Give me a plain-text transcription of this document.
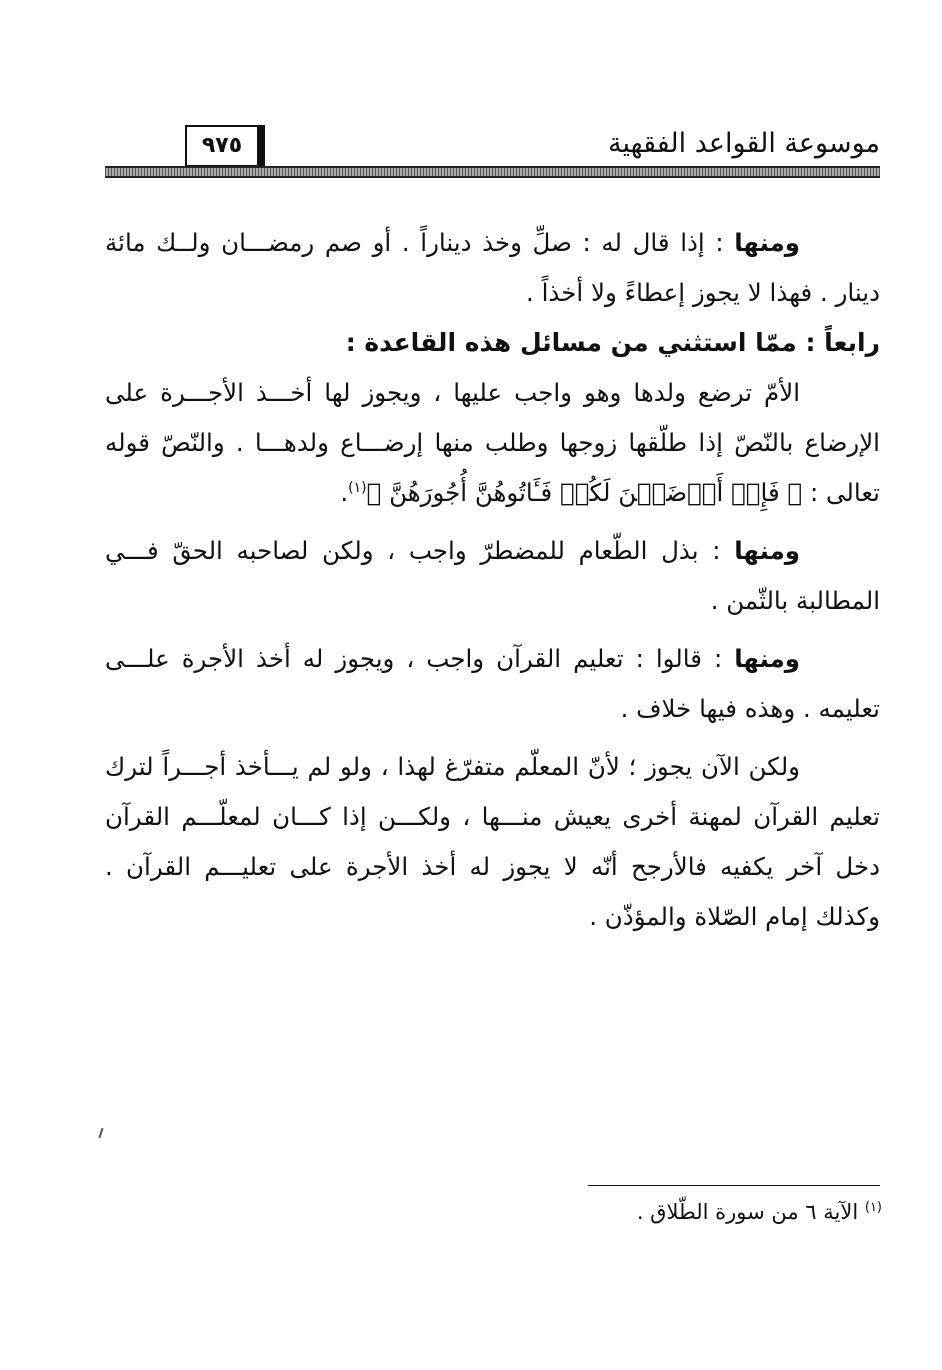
موسوعة القواعد الفقهية
٩٧٥

ومنها : إذا قال له : صلِّ وخذ ديناراً . أو صم رمضـــان ولــك مائة دينار . فهذا لا يجوز إعطاءً ولا أخذاً .

رابعاً : ممّا استثني من مسائل هذه القاعدة :

الأمّ ترضع ولدها وهو واجب عليها ، ويجوز لها أخـــذ الأجـــرة على الإرضاع بالنّصّ إذا طلّقها زوجها وطلب منها إرضـــاع ولدهـــا . والنّصّ قوله تعالى : ﴿ فَإِنۡ أَرۡضَعۡنَ لَكُمۡ فَـَٔاتُوهُنَّ أُجُورَهُنَّ ﴾$^{(١)}$.

ومنها : بذل الطّعام للمضطرّ واجب ، ولكن لصاحبه الحقّ فـــي المطالبة بالثّمن .

ومنها : قالوا : تعليم القرآن واجب ، ويجوز له أخذ الأجرة علـــى تعليمه . وهذه فيها خلاف .

ولكن الآن يجوز ؛ لأنّ المعلّم متفرّغ لهذا ، ولو لم يـــأخذ أجـــراً لترك تعليم القرآن لمهنة أخرى يعيش منـــها ، ولكـــن إذا كـــان لمعلّـــم القرآن دخل آخر يكفيه فالأرجح أنّه لا يجوز له أخذ الأجرة على تعليـــم القرآن . وكذلك إمام الصّلاة والمؤذّن .

$^{(١)}$ الآية ٦ من سورة الطّلاق .
